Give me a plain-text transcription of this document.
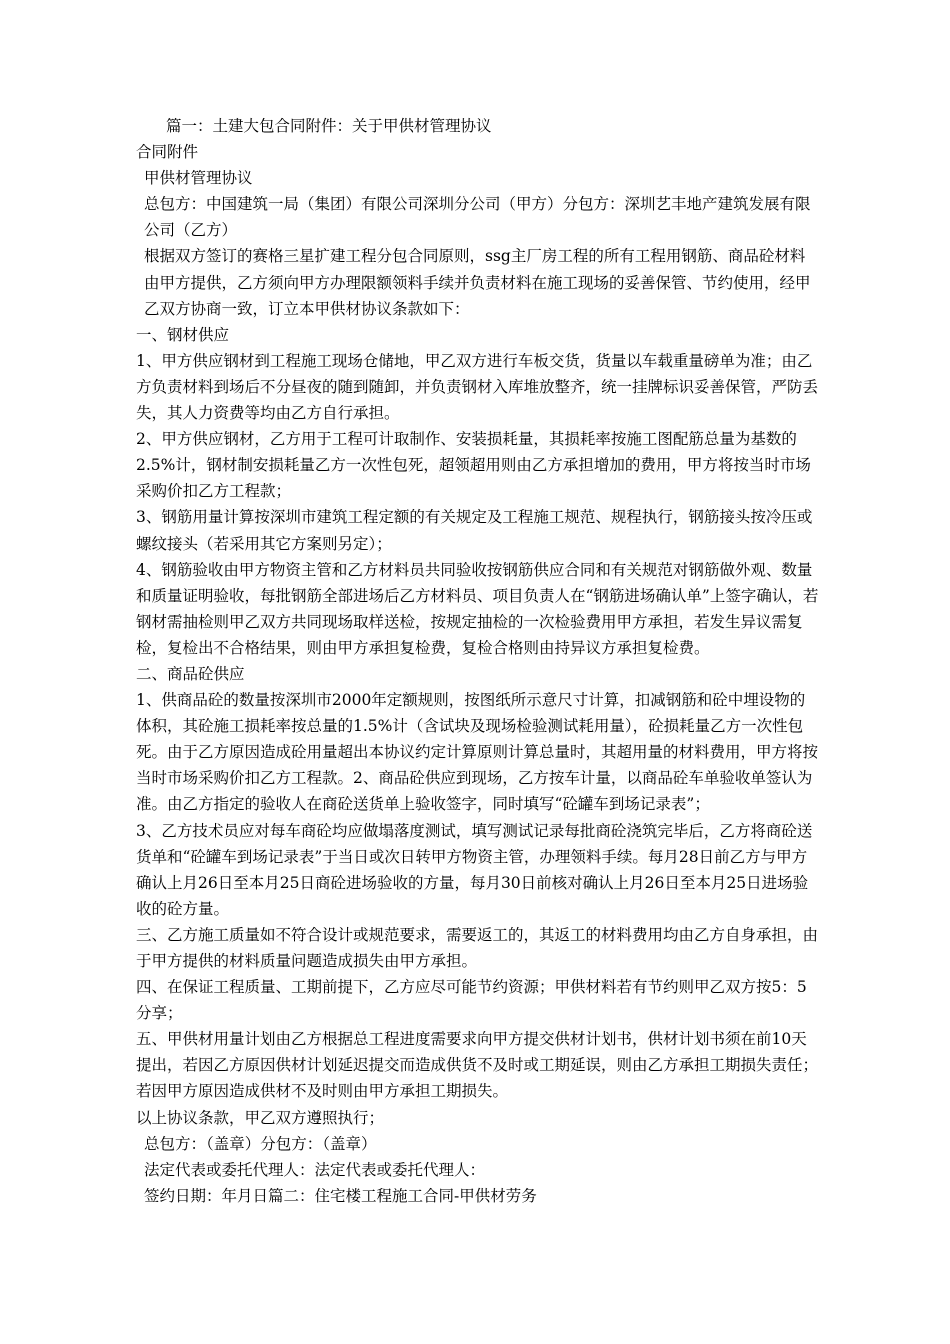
篇一：土建大包合同附件：关于甲供材管理协议

合同附件

甲供材管理协议

总包方：中国建筑一局（集团）有限公司深圳分公司（甲方）分包方：深圳艺丰地产建筑发展有限公司（乙方）

根据双方签订的赛格三星扩建工程分包合同原则，ssg主厂房工程的所有工程用钢筋、商品砼材料由甲方提供，乙方须向甲方办理限额领料手续并负责材料在施工现场的妥善保管、节约使用，经甲乙双方协商一致，订立本甲供材协议条款如下：

一、钢材供应

1、甲方供应钢材到工程施工现场仓储地，甲乙双方进行车板交货，货量以车载重量磅单为准；由乙方负责材料到场后不分昼夜的随到随卸，并负责钢材入库堆放整齐，统一挂牌标识妥善保管，严防丢失，其人力资费等均由乙方自行承担。

2、甲方供应钢材，乙方用于工程可计取制作、安装损耗量，其损耗率按施工图配筋总量为基数的2.5%计，钢材制安损耗量乙方一次性包死，超领超用则由乙方承担增加的费用，甲方将按当时市场采购价扣乙方工程款；

3、钢筋用量计算按深圳市建筑工程定额的有关规定及工程施工规范、规程执行，钢筋接头按冷压或螺纹接头（若采用其它方案则另定）；

4、钢筋验收由甲方物资主管和乙方材料员共同验收按钢筋供应合同和有关规范对钢筋做外观、数量和质量证明验收，每批钢筋全部进场后乙方材料员、项目负责人在“钢筋进场确认单”上签字确认，若钢材需抽检则甲乙双方共同现场取样送检，按规定抽检的一次检验费用甲方承担，若发生异议需复检，复检出不合格结果，则由甲方承担复检费，复检合格则由持异议方承担复检费。

二、商品砼供应

1、供商品砼的数量按深圳市2000年定额规则，按图纸所示意尺寸计算，扣减钢筋和砼中埋设物的体积，其砼施工损耗率按总量的1.5%计（含试块及现场检验测试耗用量），砼损耗量乙方一次性包死。由于乙方原因造成砼用量超出本协议约定计算原则计算总量时，其超用量的材料费用，甲方将按当时市场采购价扣乙方工程款。2、商品砼供应到现场，乙方按车计量，以商品砼车单验收单签认为准。由乙方指定的验收人在商砼送货单上验收签字，同时填写“砼罐车到场记录表”；

3、乙方技术员应对每车商砼均应做塌落度测试，填写测试记录每批商砼浇筑完毕后，乙方将商砼送货单和“砼罐车到场记录表”于当日或次日转甲方物资主管，办理领料手续。每月28日前乙方与甲方确认上月26日至本月25日商砼进场验收的方量，每月30日前核对确认上月26日至本月25日进场验收的砼方量。

三、乙方施工质量如不符合设计或规范要求，需要返工的，其返工的材料费用均由乙方自身承担，由于甲方提供的材料质量问题造成损失由甲方承担。

四、在保证工程质量、工期前提下，乙方应尽可能节约资源；甲供材料若有节约则甲乙双方按5：5分享；

五、甲供材用量计划由乙方根据总工程进度需要求向甲方提交供材计划书，供材计划书须在前10天提出，若因乙方原因供材计划延迟提交而造成供货不及时或工期延误，则由乙方承担工期损失责任；若因甲方原因造成供材不及时则由甲方承担工期损失。

以上协议条款，甲乙双方遵照执行；

总包方：（盖章）分包方：（盖章）

法定代表或委托代理人：法定代表或委托代理人：

签约日期：年月日篇二：住宅楼工程施工合同-甲供材劳务
